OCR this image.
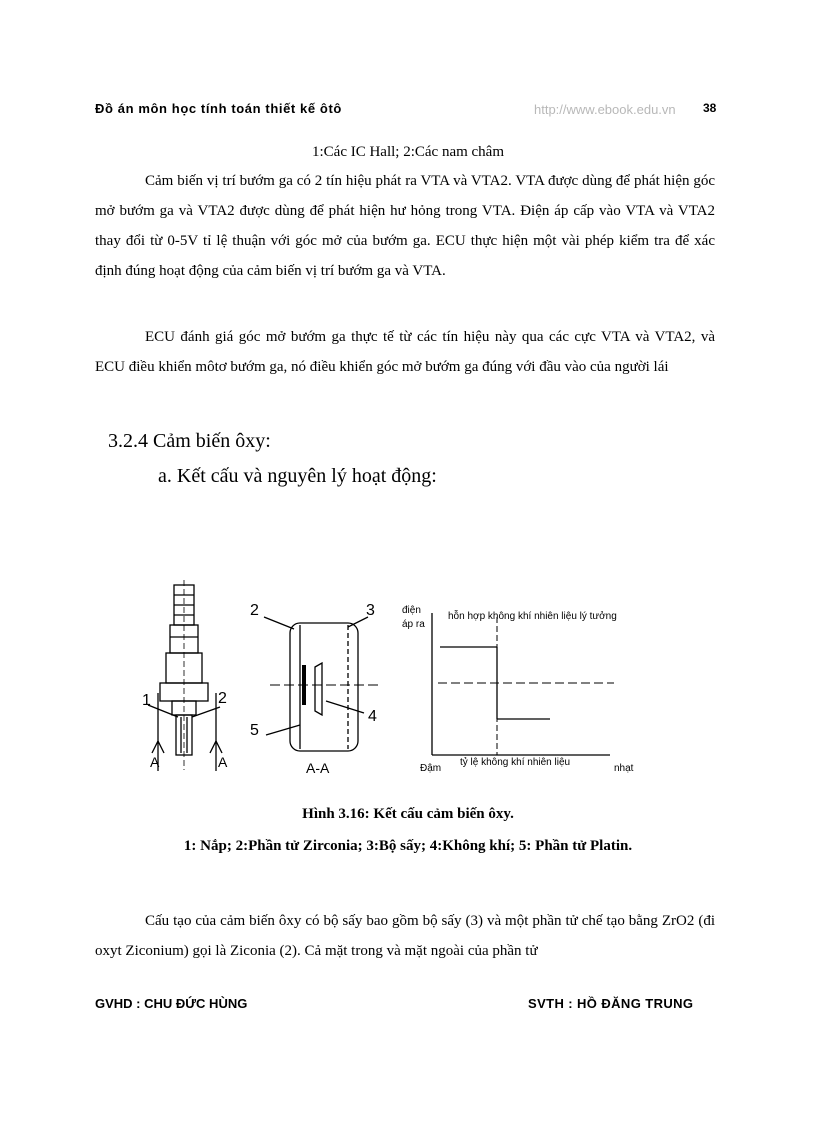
Đồ án môn học tính toán thiết kế ôtô	http://www.ebook.edu.vn 38
1:Các IC Hall; 2:Các nam châm
Cảm biến vị trí bướm ga có 2 tín hiệu phát ra VTA và VTA2. VTA được dùng để phát hiện góc mở bướm ga và VTA2 được dùng để phát hiện hư hỏng trong VTA. Điện áp cấp vào VTA và VTA2 thay đổi từ 0-5V tỉ lệ thuận với góc mở của bướm ga. ECU thực hiện một vài phép kiểm tra để xác định đúng hoạt động của cảm biến vị trí bướm ga và VTA.
ECU đánh giá góc mở bướm ga thực tế từ các tín hiệu này qua các cực VTA và VTA2, và ECU điều khiển môtơ bướm ga, nó điều khiển góc mở bướm ga đúng với đầu vào của người lái
3.2.4 Cảm biến ôxy:
a. Kết cấu và nguyên lý hoạt động:
1	2
A	A
2	3
5
4
A-A
điện
áp ra
hỗn hợp không khí nhiên liệu lý tưởng
Đậm
tỷ lệ không khí nhiên liệu
nhạt
Hình 3.16: Kết cấu cảm biến ôxy.
1: Nắp; 2:Phần tử Zirconia; 3:Bộ sấy; 4:Không khí; 5: Phần tử Platin.
Cấu tạo của cảm biến ôxy có bộ sấy bao gồm bộ sấy (3) và một phần tử chế tạo bằng ZrO2 (đi oxyt Ziconium) gọi là Ziconia (2). Cả mặt trong và mặt ngoài của phần tử
GVHD : CHU ĐỨC HÙNG	SVTH : HỒ ĐĂNG TRUNG
